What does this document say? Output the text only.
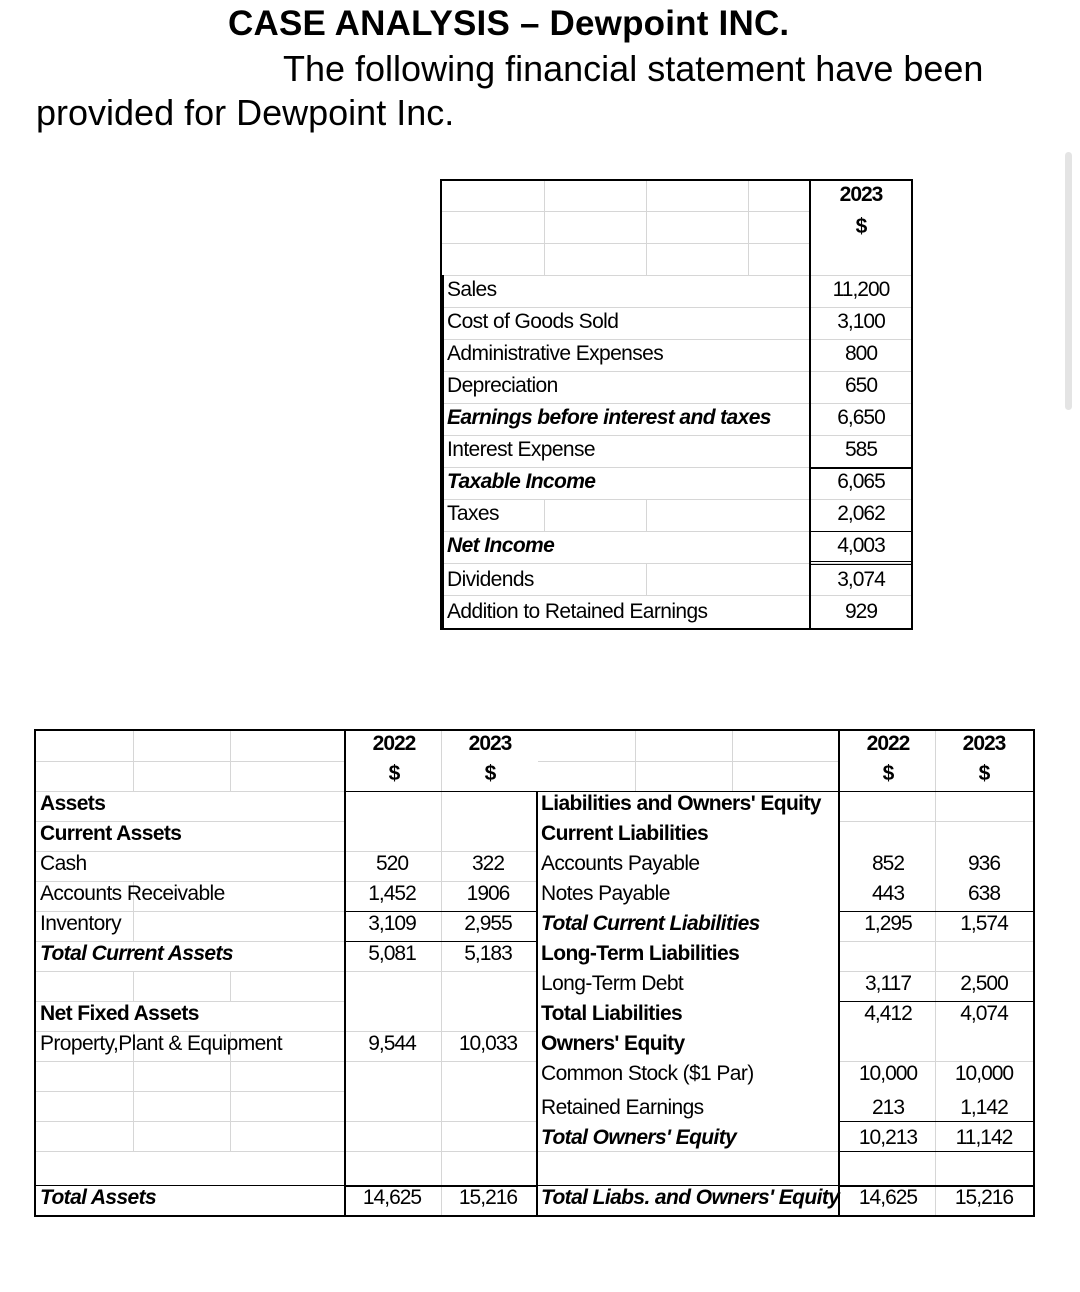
CASE ANALYSIS – Dewpoint INC.
The following financial statement have been
provided for Dewpoint Inc.
2023
$
Sales	11,200
Cost of Goods Sold	3,100
Administrative Expenses	800
Depreciation	650
Earnings before interest and taxes	6,650
Interest Expense	585
Taxable Income	6,065
Taxes	2,062
Net Income	4,003
Dividends	3,074
Addition to Retained Earnings	929
2022	2023
$	$
2022	2023
$	$
Assets
Current Assets
Cash	520	322
Accounts Receivable	1,452	1906
Inventory	3,109	2,955
Total Current Assets	5,081	5,183
Net Fixed Assets
Property,Plant & Equipment	9,544	10,033
Total Assets	14,625	15,216
Liabilities and Owners' Equity
Current Liabilities
Accounts Payable	852	936
Notes Payable	443	638
Total Current Liabilities	1,295	1,574
Long-Term Liabilities
Long-Term Debt	3,117	2,500
Total Liabilities	4,412	4,074
Owners' Equity
Common Stock ($1 Par)	10,000	10,000
Retained Earnings	213	1,142
Total Owners' Equity	10,213	11,142
Total Liabs. and Owners' Equity 14,625	15,216
